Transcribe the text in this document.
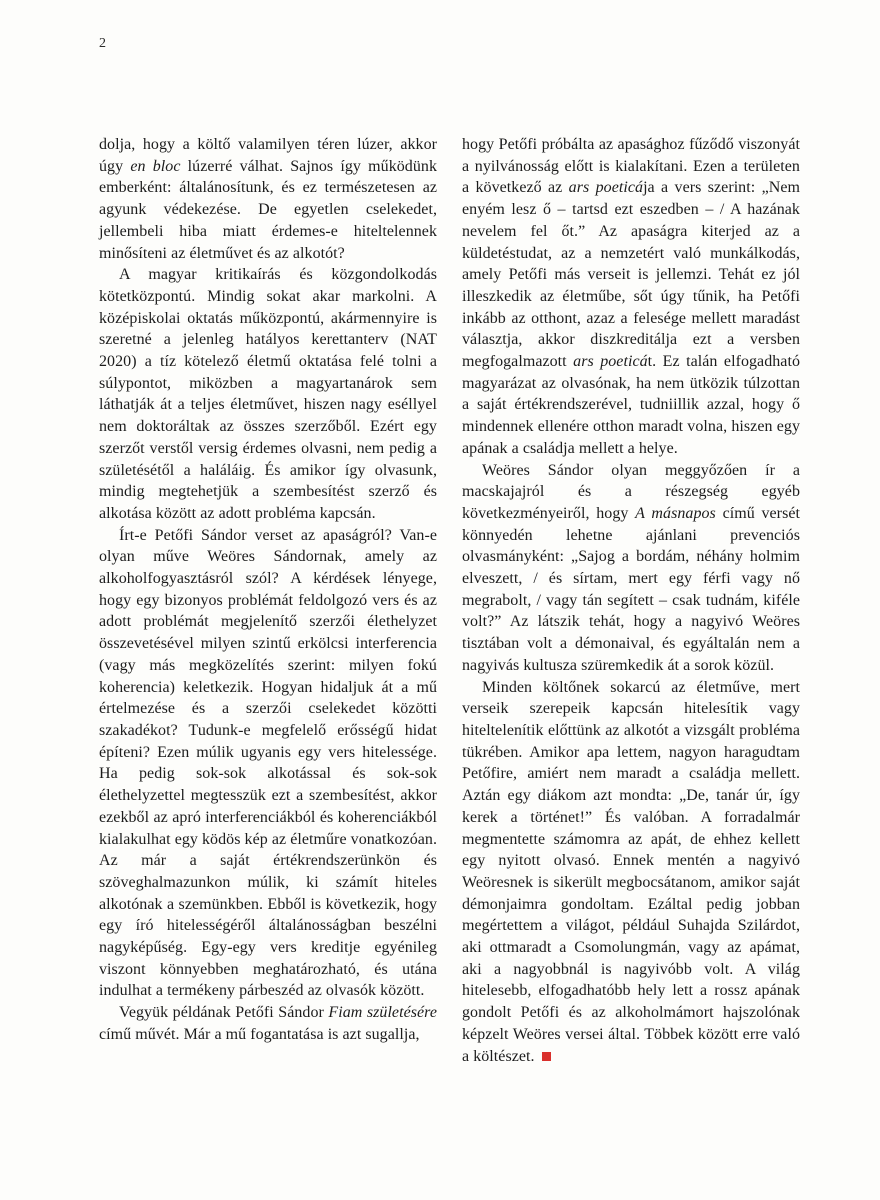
2

dolja, hogy a költő valamilyen téren lúzer, akkor úgy en bloc lúzerré válhat. Sajnos így működünk emberként: általánosítunk, és ez természetesen az agyunk védekezése. De egyetlen cselekedet, jellembeli hiba miatt érdemes-e hiteltelennek minősíteni az életművet és az alkotót?

A magyar kritikaírás és közgondolkodás kötetközpontú. Mindig sokat akar markolni. A középiskolai oktatás műközpontú, akármennyire is szeretné a jelenleg hatályos kerettanterv (NAT 2020) a tíz kötelező életmű oktatása felé tolni a súlypontot, miközben a magyartanárok sem láthatják át a teljes életművet, hiszen nagy eséllyel nem doktoráltak az összes szerzőből. Ezért egy szerzőt verstől versig érdemes olvasni, nem pedig a születésétől a haláláig. És amikor így olvasunk, mindig megtehetjük a szembesítést szerző és alkotása között az adott probléma kapcsán.

Írt-e Petőfi Sándor verset az apaságról? Van-e olyan műve Weöres Sándornak, amely az alkoholfogyasztásról szól? A kérdések lényege, hogy egy bizonyos problémát feldolgozó vers és az adott problémát megjelenítő szerzői élethelyzet összevetésével milyen szintű erkölcsi interferencia (vagy más megközelítés szerint: milyen fokú koherencia) keletkezik. Hogyan hidaljuk át a mű értelmezése és a szerzői cselekedet közötti szakadékot? Tudunk-e megfelelő erősségű hidat építeni? Ezen múlik ugyanis egy vers hitelessége. Ha pedig sok-sok alkotással és sok-sok élethelyzettel megtesszük ezt a szembesítést, akkor ezekből az apró interferenciákból és koherenciákból kialakulhat egy ködös kép az életműre vonatkozóan. Az már a saját értékrendszerünkön és szöveghalmazunkon múlik, ki számít hiteles alkotónak a szemünkben. Ebből is következik, hogy egy író hitelességéről általánosságban beszélni nagyképűség. Egy-egy vers kreditje egyénileg viszont könnyebben meghatározható, és utána indulhat a termékeny párbeszéd az olvasók között.

Vegyük példának Petőfi Sándor Fiam születésére című művét. Már a mű fogantatása is azt sugallja,

hogy Petőfi próbálta az apasághoz fűződő viszonyát a nyilvánosság előtt is kialakítani. Ezen a területen a következő az ars poeticája a vers szerint: „Nem enyém lesz ő – tartsd ezt eszedben – / A hazának nevelem fel őt.” Az apaságra kiterjed az a küldetéstudat, az a nemzetért való munkálkodás, amely Petőfi más verseit is jellemzi. Tehát ez jól illeszkedik az életműbe, sőt úgy tűnik, ha Petőfi inkább az otthont, azaz a felesége mellett maradást választja, akkor diszkreditálja ezt a versben megfogalmazott ars poeticát. Ez talán elfogadható magyarázat az olvasónak, ha nem ütközik túlzottan a saját értékrendszerével, tudniillik azzal, hogy ő mindennek ellenére otthon maradt volna, hiszen egy apának a családja mellett a helye.

Weöres Sándor olyan meggyőzően ír a macskajajról és a részegség egyéb következményeiről, hogy A másnapos című versét könnyedén lehetne ajánlani prevenciós olvasmányként: „Sajog a bordám, néhány holmim elveszett, / és sírtam, mert egy férfi vagy nő megrabolt, / vagy tán segített – csak tudnám, kiféle volt?” Az látszik tehát, hogy a nagyivó Weöres tisztában volt a démonaival, és egyáltalán nem a nagyivás kultusza szüremkedik át a sorok közül.

Minden költőnek sokarcú az életműve, mert verseik szerepeik kapcsán hitelesítik vagy hiteltelenítik előttünk az alkotót a vizsgált probléma tükrében. Amikor apa lettem, nagyon haragudtam Petőfire, amiért nem maradt a családja mellett. Aztán egy diákom azt mondta: „De, tanár úr, így kerek a történet!” És valóban. A forradalmár megmentette számomra az apát, de ehhez kellett egy nyitott olvasó. Ennek mentén a nagyivó Weöresnek is sikerült megbocsátanom, amikor saját démonjaimra gondoltam. Ezáltal pedig jobban megértettem a világot, például Suhajda Szilárdot, aki ottmaradt a Csomolungmán, vagy az apámat, aki a nagyobbnál is nagyivóbb volt. A világ hitelesebb, elfogadhatóbb hely lett a rossz apának gondolt Petőfi és az alkoholmámort hajszolónak képzelt Weöres versei által. Többek között erre való a költészet.
